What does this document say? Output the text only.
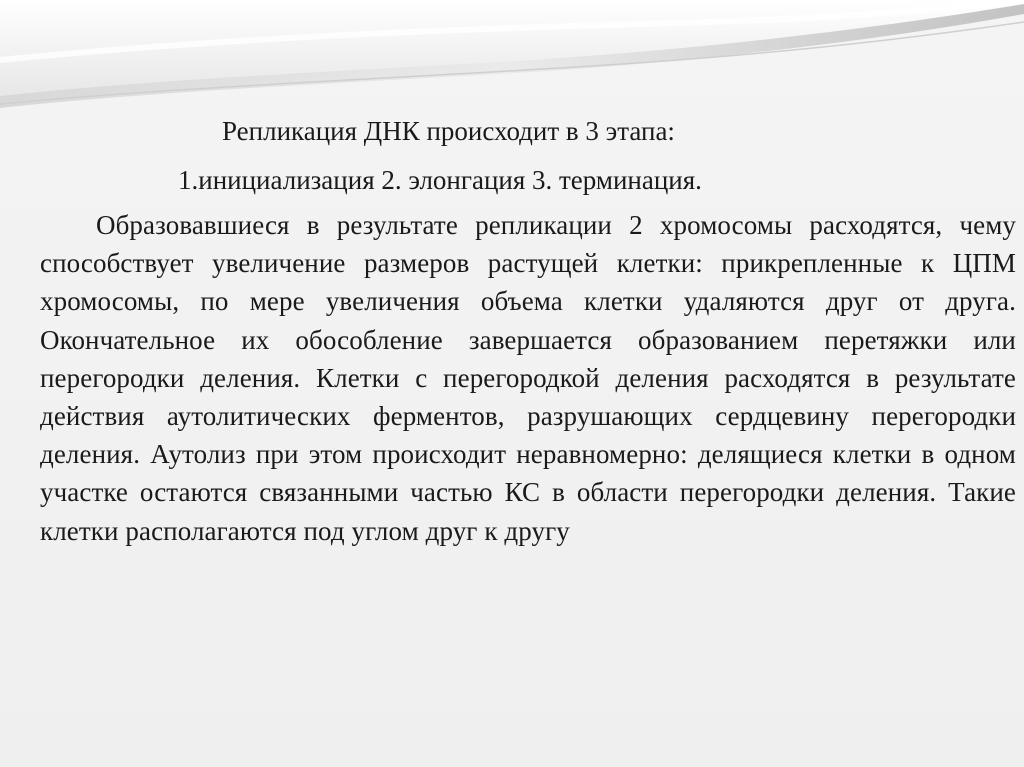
Репликация ДНК происходит в 3 этапа:

1.инициализация 2. элонгация 3. терминация.

Образовавшиеся в результате репликации 2 хромосомы расходятся, чему способствует увеличение размеров растущей клетки: прикрепленные к ЦПМ хромосомы, по мере увеличения объема клетки удаляются друг от друга. Окончательное их обособление завершается образованием перетяжки или перегородки деления. Клетки с перегородкой деления расходятся в результате действия аутолитических ферментов, разрушающих сердцевину перегородки деления. Аутолиз при этом происходит неравномерно: делящиеся клетки в одном участке остаются связанными частью КС в области перегородки деления. Такие клетки располагаются под углом друг к другу
